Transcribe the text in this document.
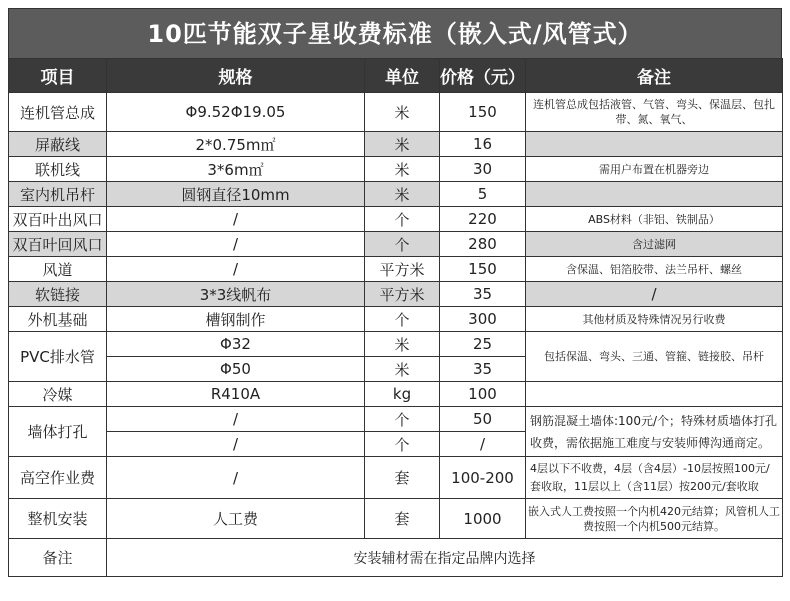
10匹节能双子星收费标准（嵌入式/风管式）
项目	规格	单位	价格（元）	备注
连机管总成	Φ9.52Φ19.05	米	150	连机管总成包括液管、气管、弯头、保温层、包扎带、氮、氧气、
屏蔽线	2*0.75m㎡	米	16	
联机线	3*6m㎡	米	30	需用户布置在机器旁边
室内机吊杆	圆钢直径10mm	米	5	
双百叶出风口	/	个	220	ABS材料（非铝、铁制品）
双百叶回风口	/	个	280	含过滤网
风道	/	平方米	150	含保温、铝箔胶带、法兰吊杆、螺丝
软链接	3*3线帆布	平方米	35	/
外机基础	槽钢制作	个	300	其他材质及特殊情况另行收费
PVC排水管	Φ32	米	25	包括保温、弯头、三通、管箍、链接胶、吊杆
	Φ50	米	35	
冷媒	R410A	kg	100	
墙体打孔	/	个	50	钢筋混凝土墙体:100元/个；特殊材质墙体打孔收费，需依据施工难度与安装师傅沟通商定。
	/	个	/	
高空作业费	/	套	100-200	4层以下不收费，4层（含4层）-10层按照100元/套收取，11层以上（含11层）按200元/套收取
整机安装	人工费	套	1000	嵌入式人工费按照一个内机420元结算；风管机人工费按照一个内机500元结算。
备注	安装辅材需在指定品牌内选择			
